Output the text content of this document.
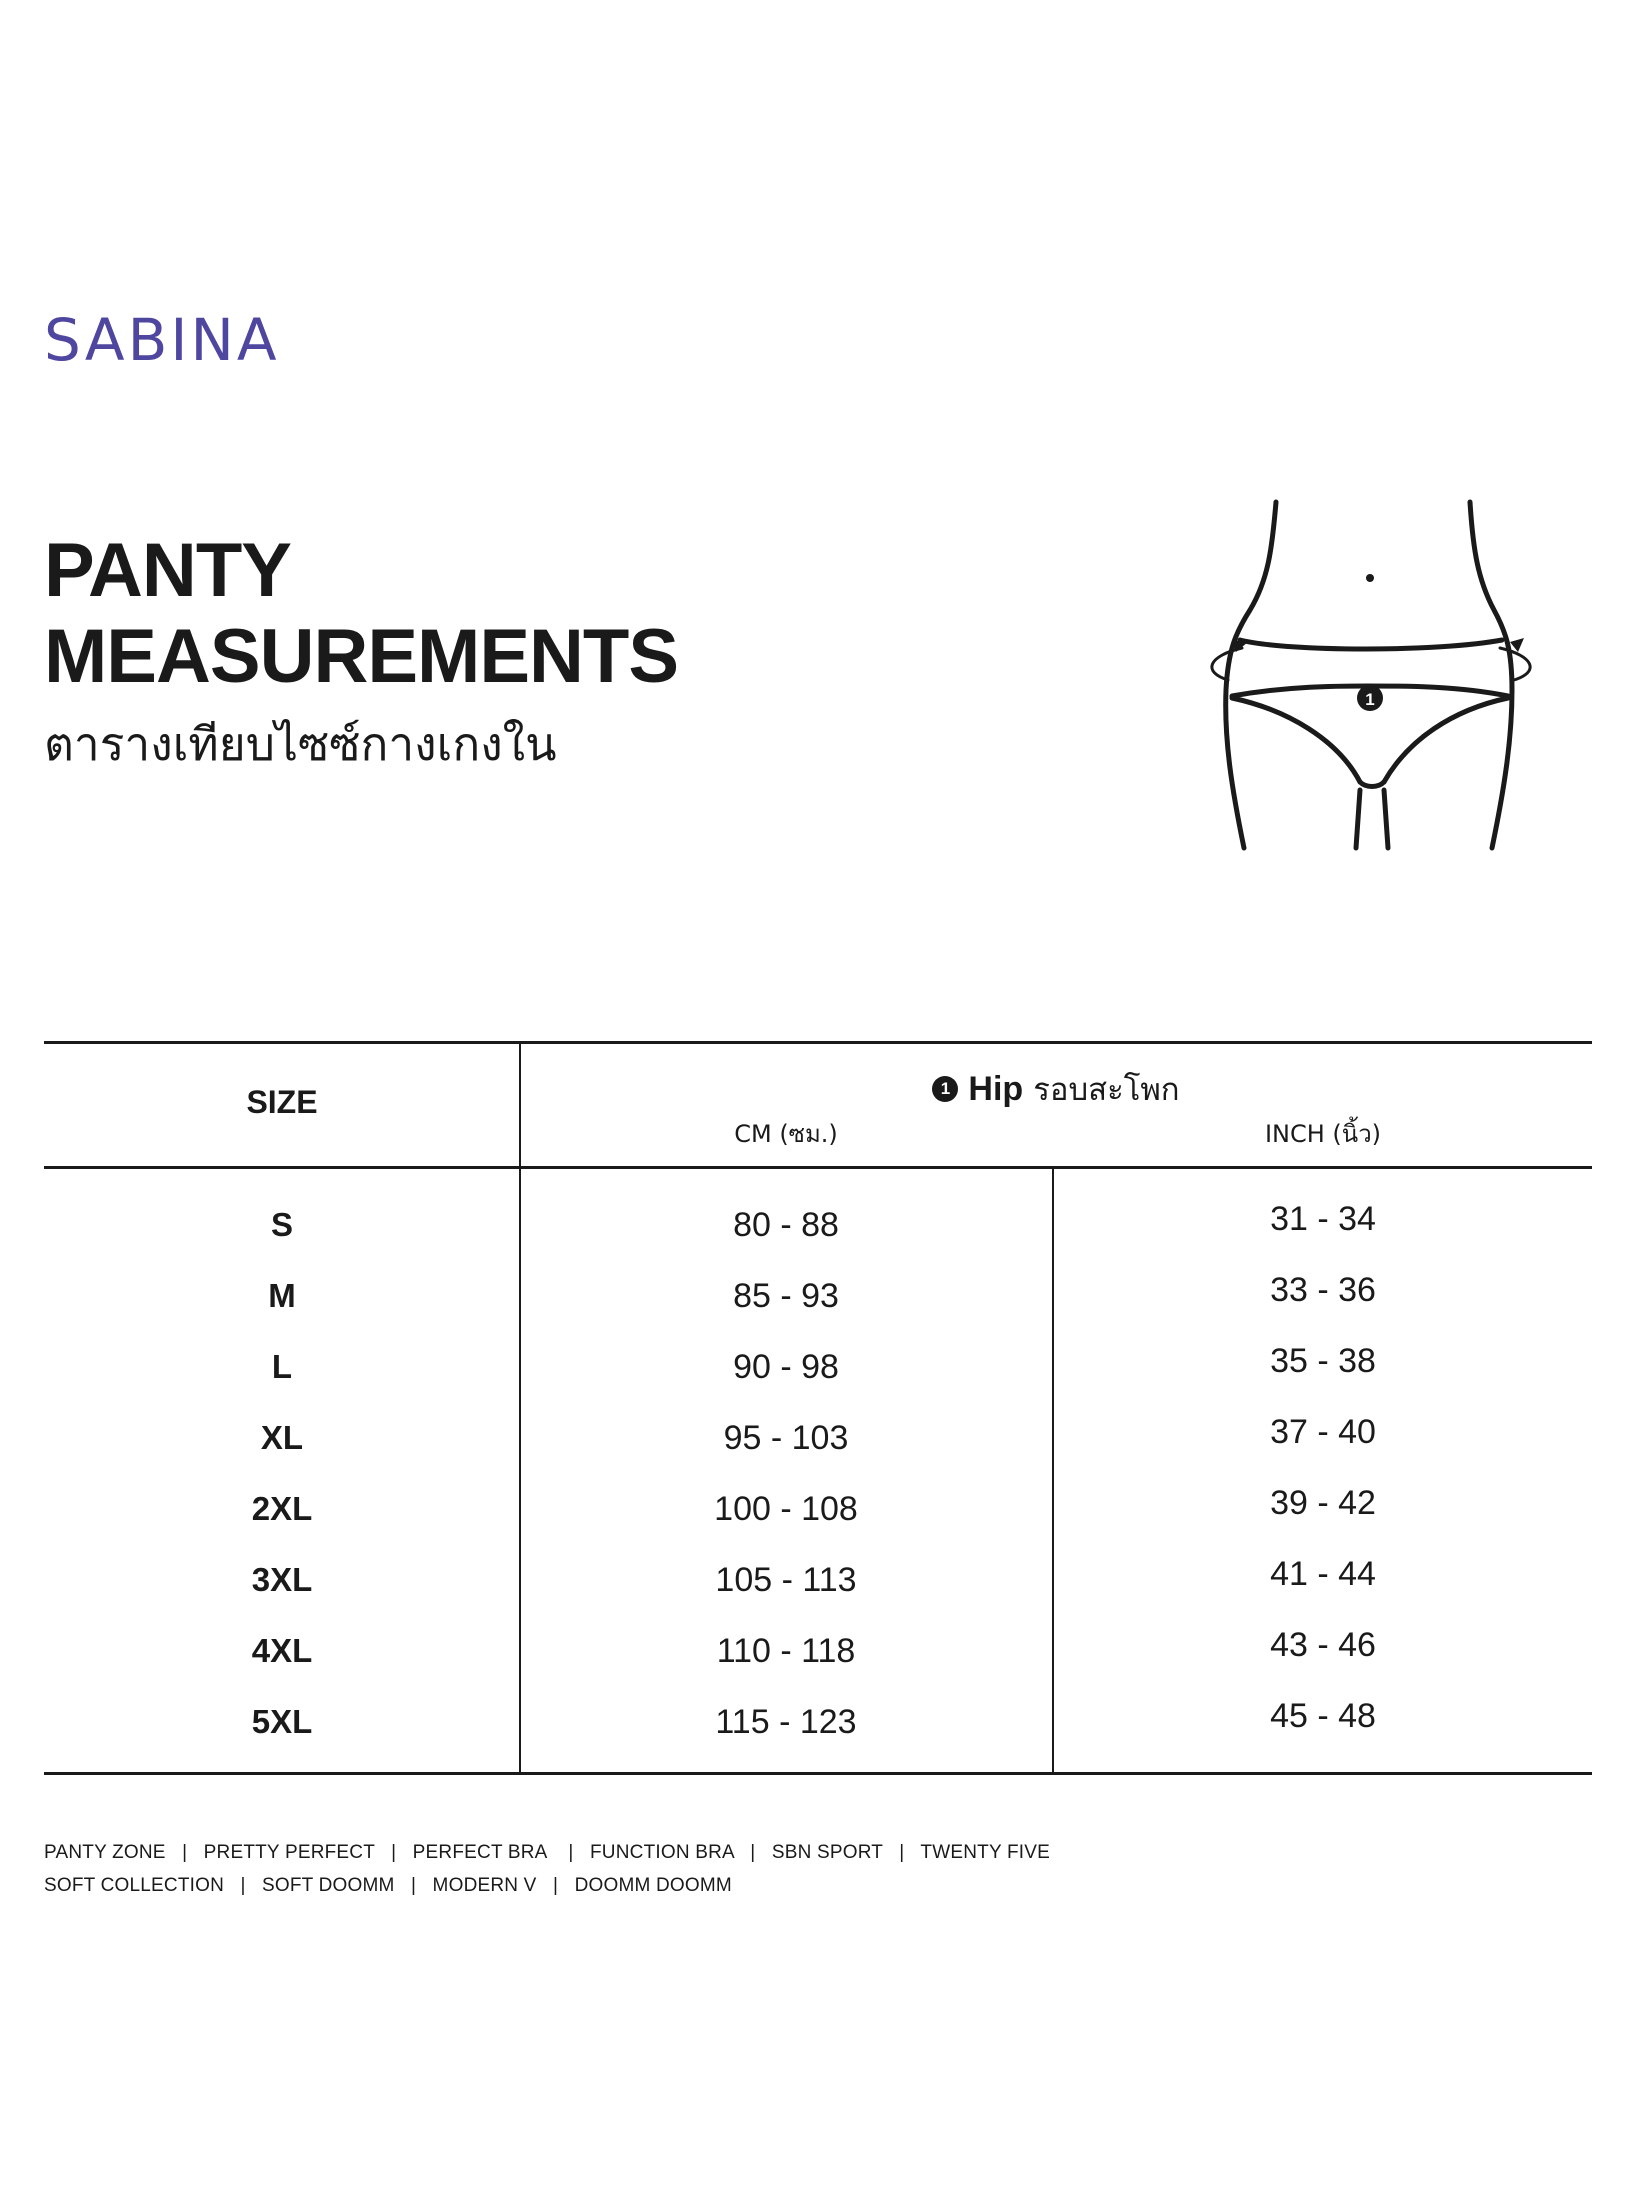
SABINA
PANTY
MEASUREMENTS
ตารางเทียบไซซ์กางเกงใน
1
SIZE	1 Hip รอบสะโพก
CM (ซม.)	INCH (นิ้ว)
S	80 - 88	31 - 34
M	85 - 93	33 - 36
L	90 - 98	35 - 38
XL	95 - 103	37 - 40
2XL	100 - 108	39 - 42
3XL	105 - 113	41 - 44
4XL	110 - 118	43 - 46
5XL	115 - 123	45 - 48
PANTY ZONE   |   PRETTY PERFECT   |   PERFECT BRA    |   FUNCTION BRA   |   SBN SPORT   |   TWENTY FIVE
SOFT COLLECTION   |   SOFT DOOMM   |   MODERN V   |   DOOMM DOOMM
